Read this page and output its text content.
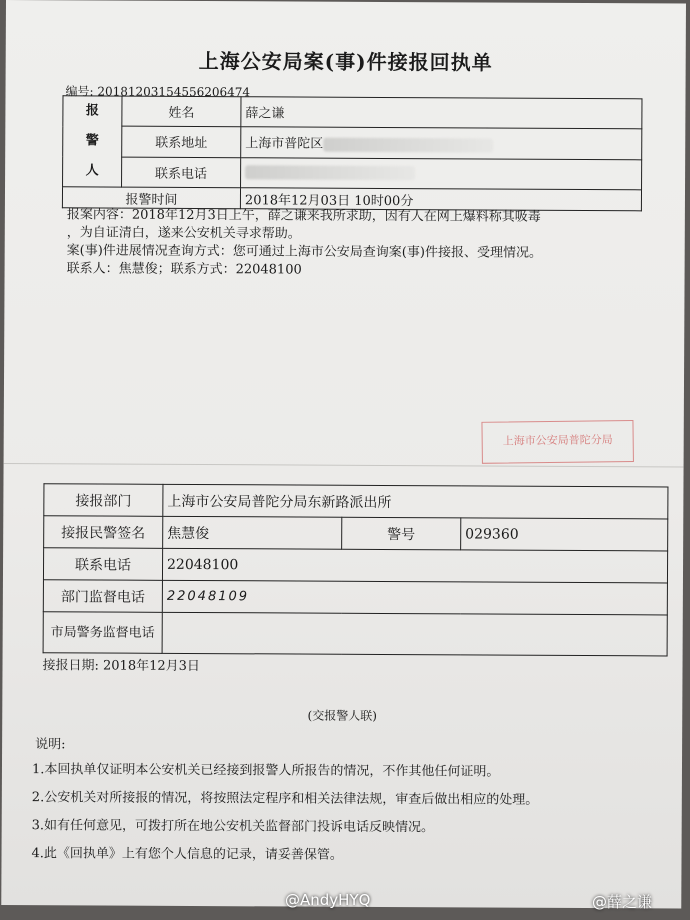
上海公安局案(事)件接报回执单
编号: 20181203154556206474
报
警
人	姓名	薛之谦
	联系地址	上海市普陀区
	联系电话	
报警时间		2018年12月03日 10时00分
报案内容：2018年12月3日上午，薛之谦来我所求助，因有人在网上爆料称其吸毒
，为自证清白，遂来公安机关寻求帮助。
案(事)件进展情况查询方式：您可通过上海市公安局查询案(事)件接报、受理情况。
联系人：焦慧俊；联系方式：22048100
上海市公安局普陀分局
接报部门	上海市公安局普陀分局东新路派出所		
接报民警签名	焦慧俊	警号	029360
联系电话	22048100		
部门监督电话	22048109		
市局警务监督电话			
接报日期: 2018年12月3日
(交报警人联)
说明:
1.本回执单仅证明本公安机关已经接到报警人所报告的情况，不作其他任何证明。
2.公安机关对所接报的情况，将按照法定程序和相关法律法规，审查后做出相应的处理。
3.如有任何意见，可拨打所在地公安机关监督部门投诉电话反映情况。
4.此《回执单》上有您个人信息的记录，请妥善保管。
@AndyHYQ	@薛之谦
